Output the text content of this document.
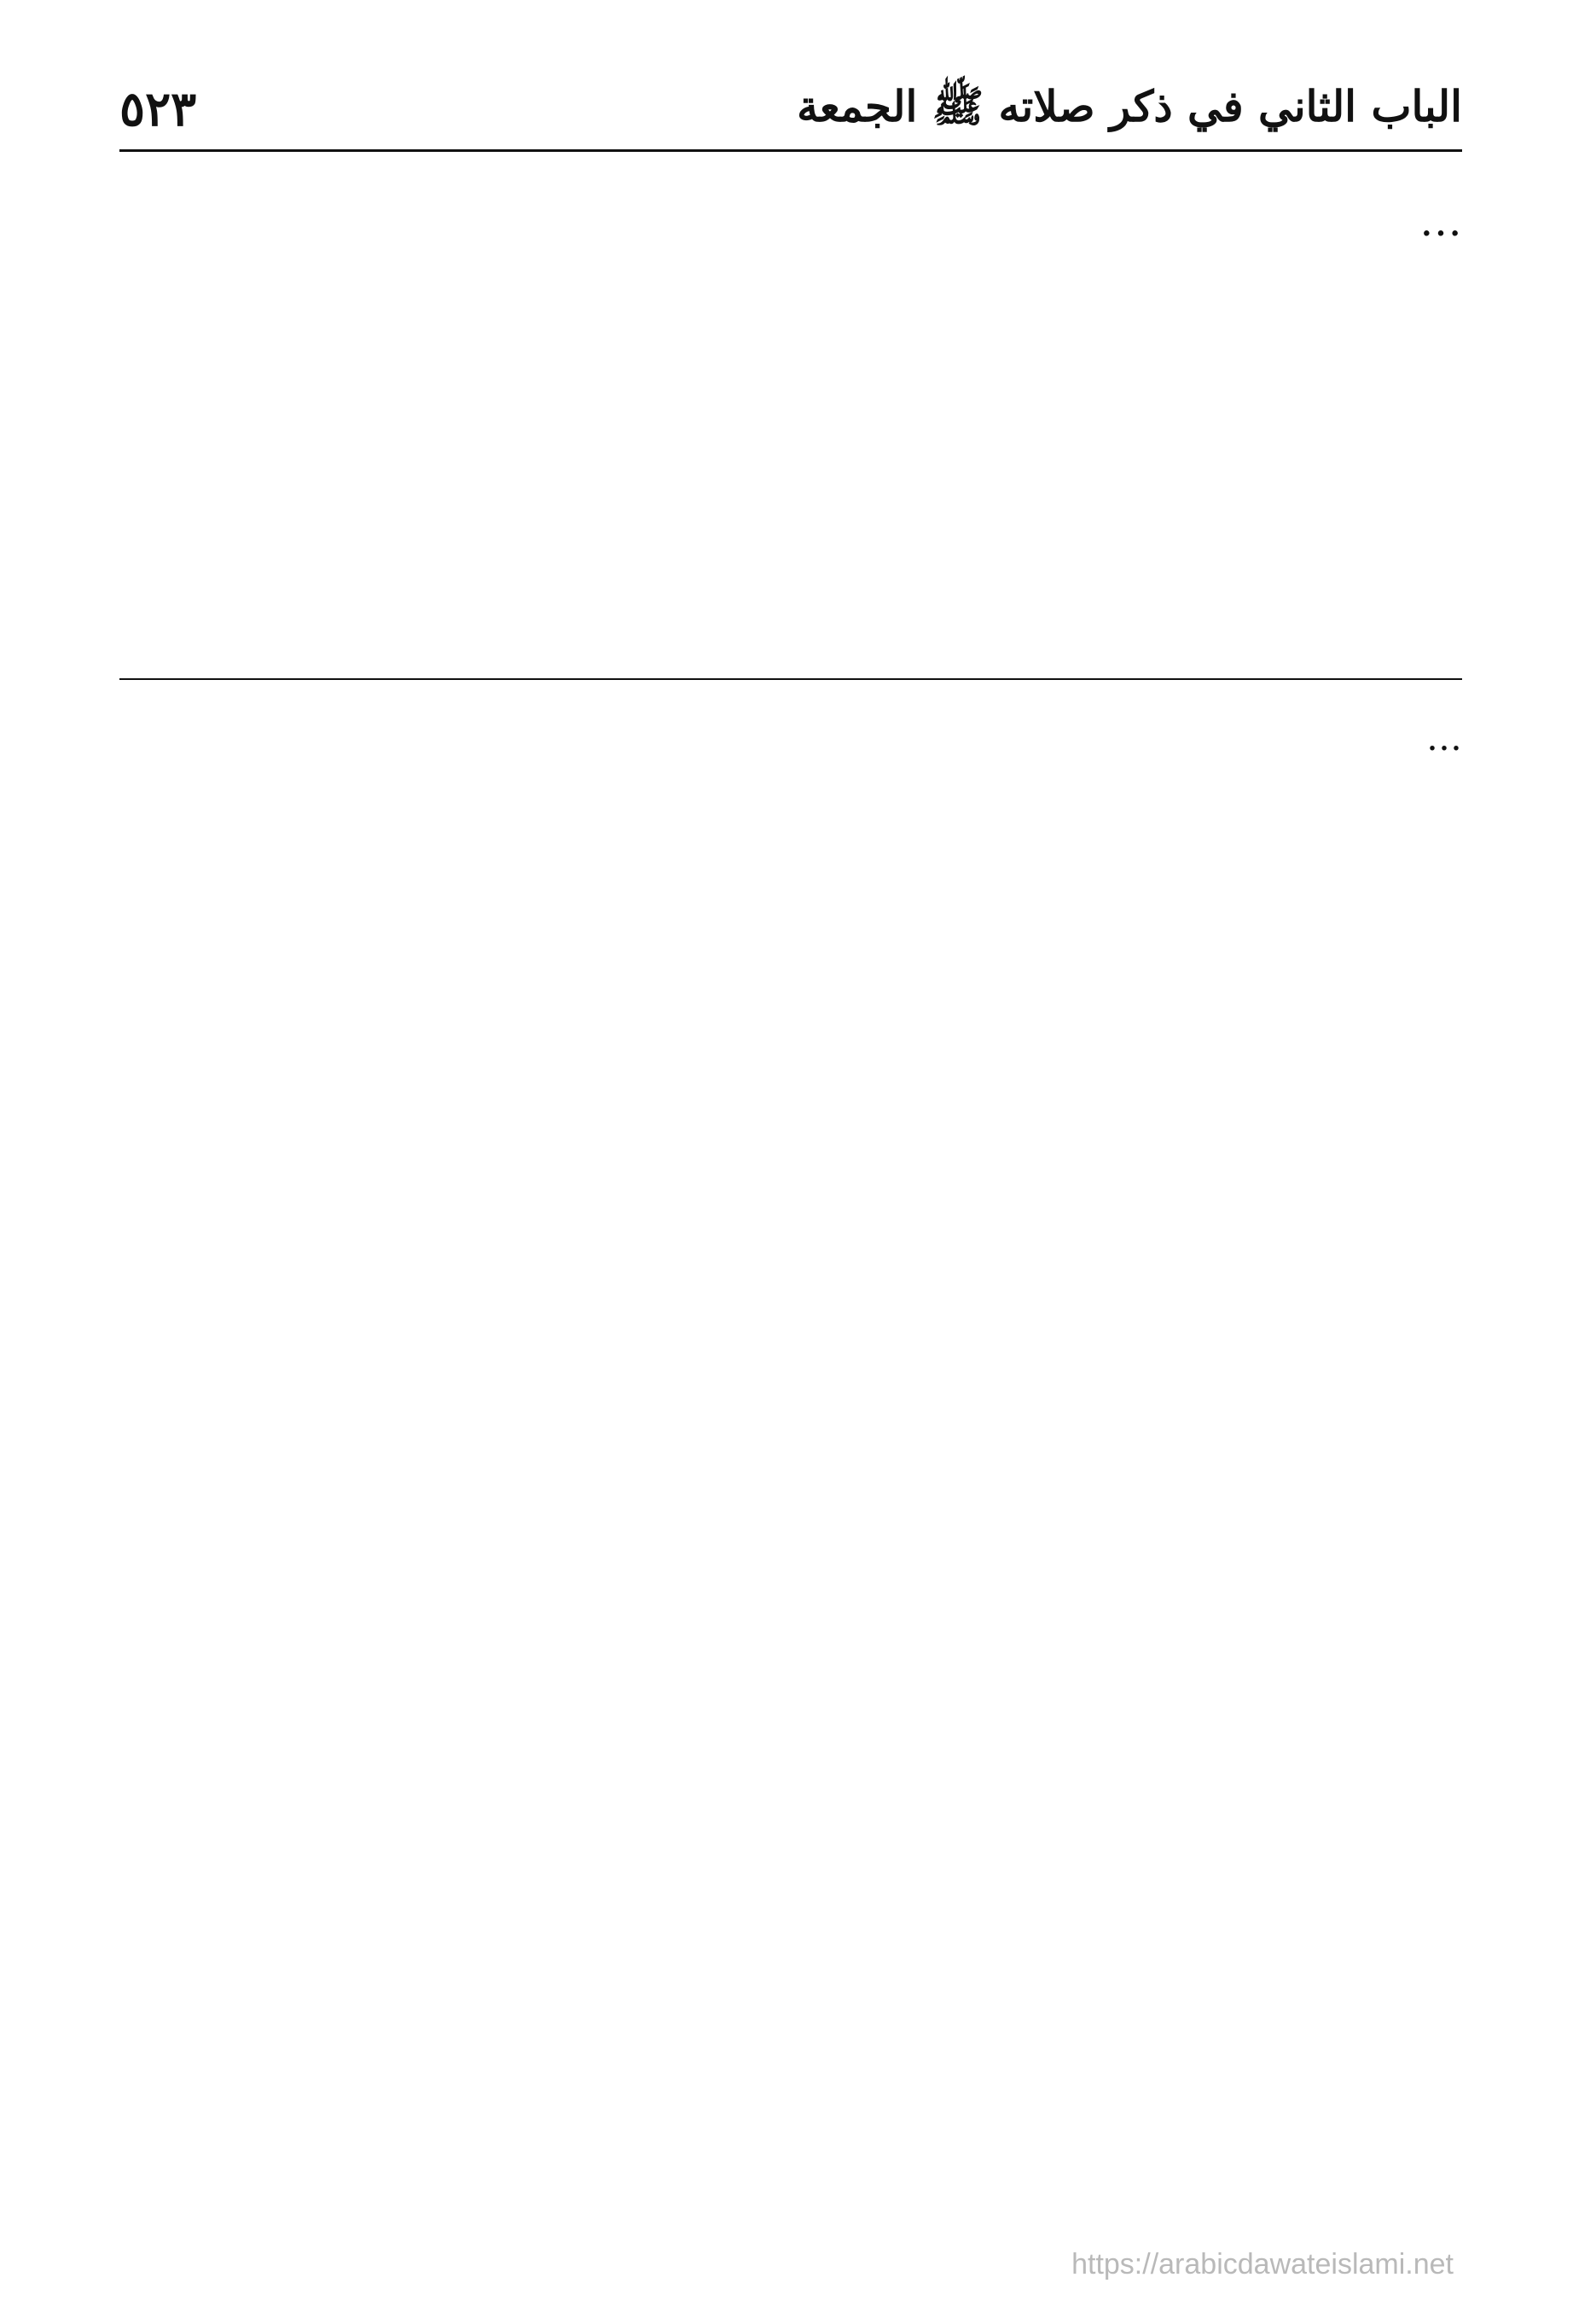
٥٢٣	الباب الثاني في ذكر صلاته ﷺ الجمعة

…

…

https://arabicdawateislami.net
